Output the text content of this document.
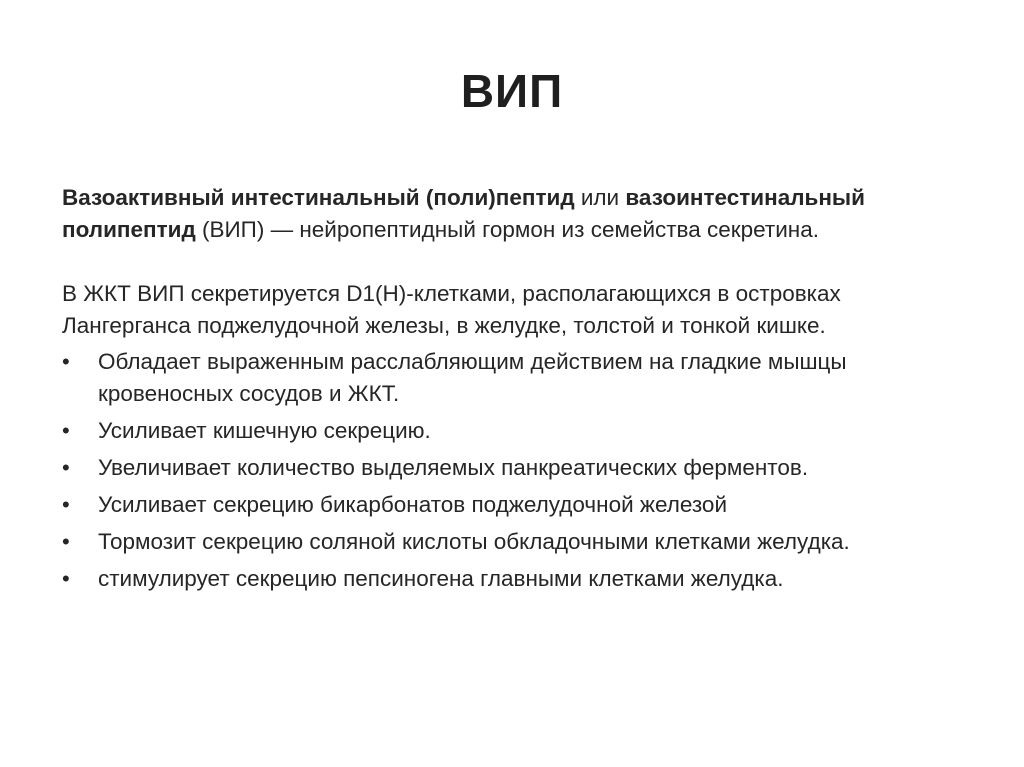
ВИП

Вазоактивный интестинальный (поли)пептид или вазоинтестинальный полипептид (ВИП) — нейропептидный гормон из семейства секретина.

В ЖКТ ВИП секретируется D1(H)-клетками, располагающихся в островках Лангерганса поджелудочной железы, в желудке, толстой и тонкой кишке.

• Обладает выраженным расслабляющим действием на гладкие мышцы кровеносных сосудов и ЖКТ.
• Усиливает кишечную секрецию.
• Увеличивает количество выделяемых панкреатических ферментов.
• Усиливает секрецию бикарбонатов поджелудочной железой
• Тормозит секрецию соляной кислоты обкладочными клетками желудка.
• стимулирует секрецию пепсиногена главными клетками желудка.
